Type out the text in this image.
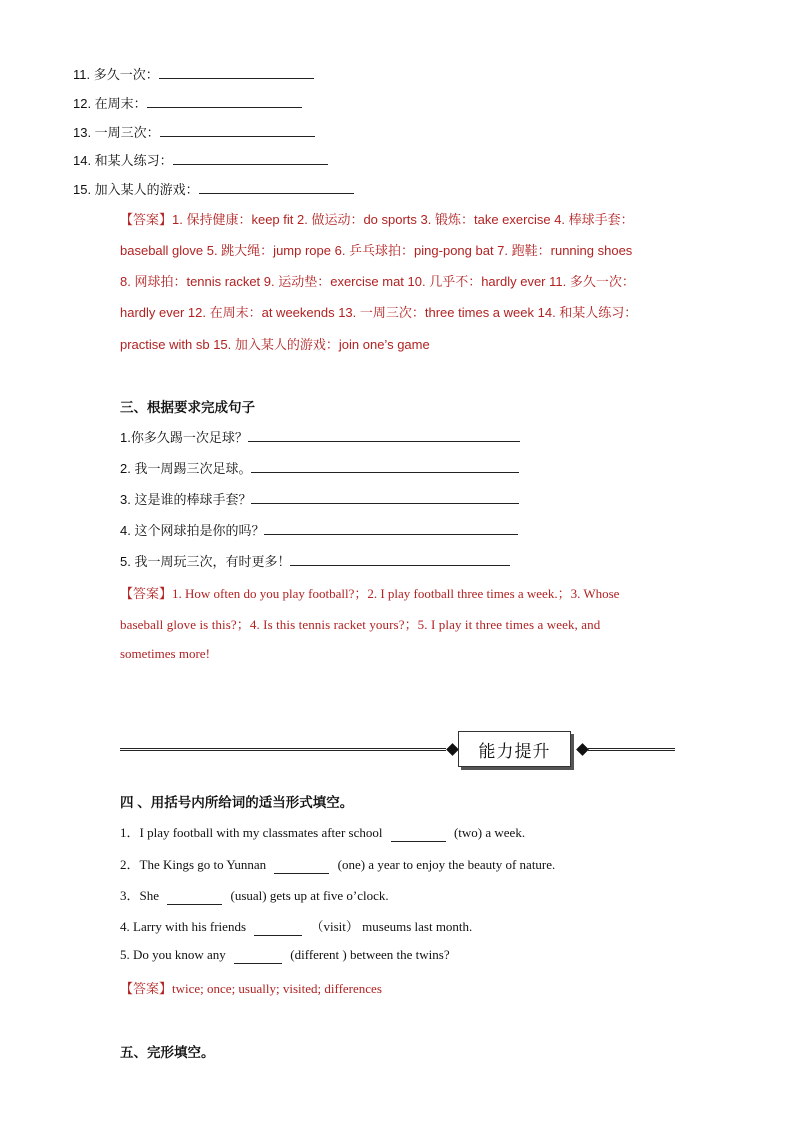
11. 多久一次：
12. 在周末：
13. 一周三次：
14. 和某人练习：
15. 加入某人的游戏：
【答案】1. 保持健康：keep fit 2. 做运动：do sports 3. 锻炼：take exercise 4. 棒球手套：
baseball glove 5. 跳大绳：jump rope 6. 乒乓球拍：ping-pong bat 7. 跑鞋：running shoes
8. 网球拍：tennis racket 9. 运动垫：exercise mat 10. 几乎不：hardly ever 11. 多久一次：
hardly ever 12. 在周末：at weekends 13. 一周三次：three times a week 14. 和某人练习：
practise with sb 15. 加入某人的游戏：join one’s game
三、根据要求完成句子
1.你多久踢一次足球？
2. 我一周踢三次足球。
3. 这是谁的棒球手套？
4. 这个网球拍是你的吗？
5. 我一周玩三次，有时更多！
【答案】1. How often do you play football?；2. I play football three times a week.；3. Whose
baseball glove is this?；4. Is this tennis racket yours?；5. I play it three times a week, and
sometimes more!
能力提升
四 、用括号内所给词的适当形式填空。
1．I play football with my classmates after school	(two) a week.
2．The Kings go to Yunnan	(one) a year to enjoy the beauty of nature.
3．She	(usual) gets up at five o’clock.
4. Larry with his friends	（visit） museums last month.
5. Do you know any	(different ) between the twins?
【答案】twice; once; usually; visited; differences
五、完形填空。
